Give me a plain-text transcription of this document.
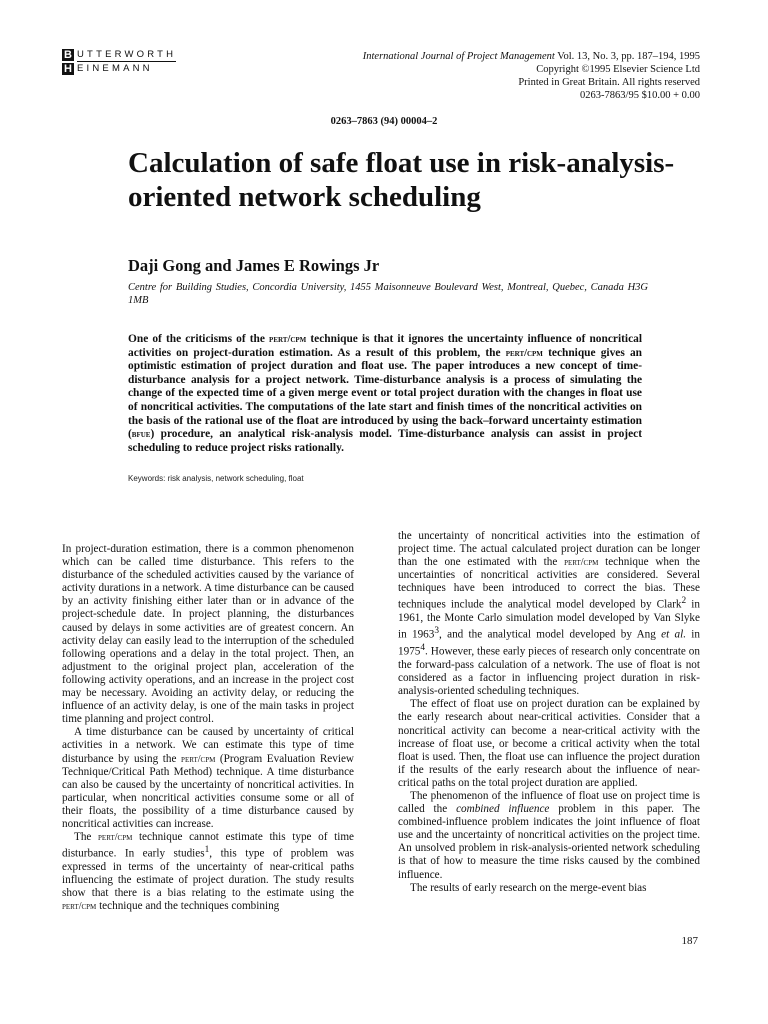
B UTTERWORTH
H EINEMANN
International Journal of Project Management Vol. 13, No. 3, pp. 187–194, 1995
Copyright ©1995 Elsevier Science Ltd
Printed in Great Britain. All rights reserved
0263-7863/95 $10.00 + 0.00
0263–7863 (94) 00004–2
Calculation of safe float use in risk-analysis-oriented network scheduling
Daji Gong and James E Rowings Jr
Centre for Building Studies, Concordia University, 1455 Maisonneuve Boulevard West, Montreal, Quebec, Canada H3G 1MB
One of the criticisms of the pert/cpm technique is that it ignores the uncertainty influence of noncritical activities on project-duration estimation. As a result of this problem, the pert/cpm technique gives an optimistic estimation of project duration and float use. The paper introduces a new concept of time-disturbance analysis for a project network. Time-disturbance analysis is a process of simulating the change of the expected time of a given merge event or total project duration with the changes in float use of noncritical activities. The computations of the late start and finish times of the noncritical activities on the basis of the rational use of the float are introduced by using the back–forward uncertainty estimation (bfue) procedure, an analytical risk-analysis model. Time-disturbance analysis can assist in project scheduling to reduce project risks rationally.
Keywords: risk analysis, network scheduling, float

In project-duration estimation, there is a common phenomenon which can be called time disturbance. This refers to the disturbance of the scheduled activities caused by the variance of activity durations in a network. A time disturbance can be caused by an activity finishing either later than or in advance of the project-schedule date. In project planning, the disturbances caused by delays in some activities are of greatest concern. An activity delay can easily lead to the interruption of the scheduled following operations and a delay in the total project. Then, an adjustment to the original project plan, acceleration of the following activity operations, and an increase in the project cost may be necessary. Avoiding an activity delay, or reducing the influence of an activity delay, is one of the main tasks in project time planning and project control.

A time disturbance can be caused by uncertainty of critical activities in a network. We can estimate this type of time disturbance by using the pert/cpm (Program Evaluation Review Technique/Critical Path Method) technique. A time disturbance can also be caused by the uncertainty of noncritical activities. In particular, when noncritical activities consume some or all of their floats, the possibility of a time disturbance caused by noncritical activities can increase.

The pert/cpm technique cannot estimate this type of time disturbance. In early studies$^1$, this type of problem was expressed in terms of the uncertainty of near-critical paths influencing the estimate of project duration. The study results show that there is a bias relating to the estimate using the pert/cpm technique and the techniques combining

the uncertainty of noncritical activities into the estimation of project time. The actual calculated project duration can be longer than the one estimated with the pert/cpm technique when the uncertainties of noncritical activities are considered. Several techniques have been introduced to correct the bias. These techniques include the analytical model developed by Clark$^2$ in 1961, the Monte Carlo simulation model developed by Van Slyke in 1963$^3$, and the analytical model developed by Ang et al. in 1975$^4$. However, these early pieces of research only concentrate on the forward-pass calculation of a network. The use of float is not considered as a factor in influencing project duration in risk-analysis-oriented scheduling techniques.

The effect of float use on project duration can be explained by the early research about near-critical activities. Consider that a noncritical activity can become a near-critical activity with the increase of float use, or become a critical activity when the total float is used. Then, the float use can influence the project duration if the results of the early research about the influence of near-critical paths on the total project duration are applied.

The phenomenon of the influence of float use on project time is called the combined influence problem in this paper. The combined-influence problem indicates the joint influence of float use and the uncertainty of noncritical activities on the project time. An unsolved problem in risk-analysis-oriented network scheduling is that of how to measure the time risks caused by the combined influence.

The results of early research on the merge-event bias

187
